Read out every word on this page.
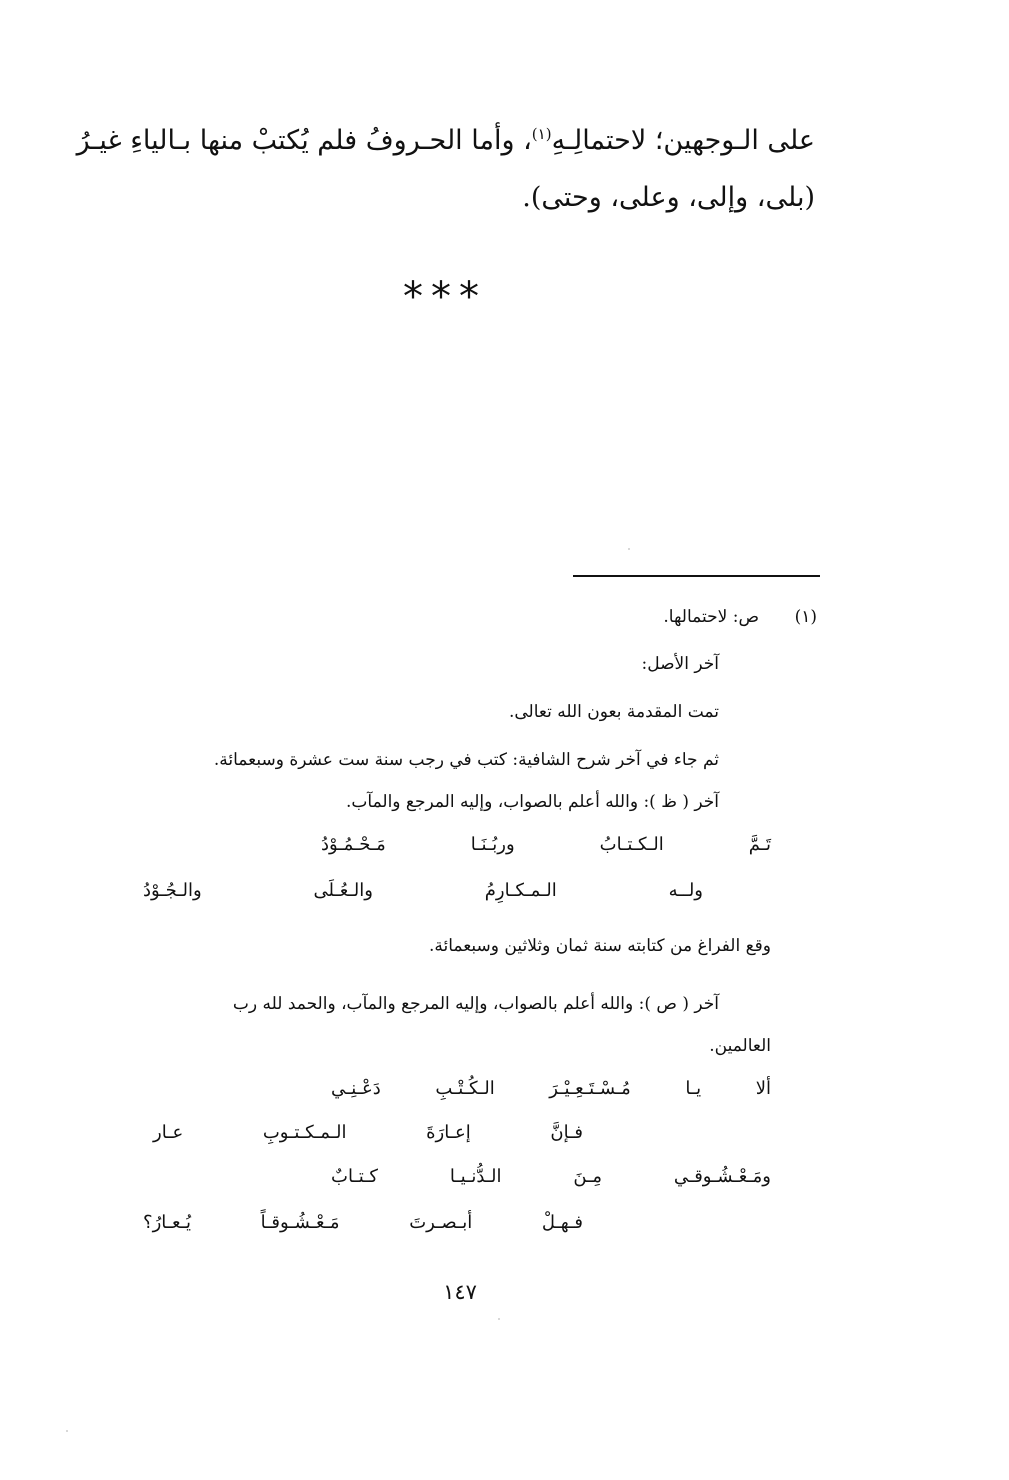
على الـوجهين؛ لاحتمالِـهِ$^{(١)}$، وأما الحـروفُ فلم يُكتبْ منها بـالياءِ غيـرُ
(بلى، وإلى، وعلى، وحتى).
***
(١)
ص: لاحتمالها.
آخر الأصل:
تمت المقدمة بعون الله تعالى.
ثم جاء في آخر شرح الشافية: كتب في رجب سنة ست عشرة وسبعمائة.
آخر ( ظ ): والله أعلم بالصواب، وإليه المرجع والمآب.
تَـمَّ
الـكـتـابُ
وربُـنَـا
مَـحْـمُـوْدُ
ولــه
الـمـكـارِمُ
والـعُـلَى
والـجُـوْدُ
وقع الفراغ من كتابته سنة ثمان وثلاثين وسبعمائة.
آخر ( ص ): والله أعلم بالصواب، وإليه المرجع والمآب، والحمد لله رب
العالمين.
ألا
يـا
مُـسْـتَـعِـيْـرَ
الـكُـتْـبِ
دَعْـنِـي
فـإنَّ
إعـارَةَ
الـمـكـتـوبِ
عـار
ومَـعْـشُـوقـي
مِـنَ
الـدُّنـيـا
كـتـابٌ
فـهـلْ
أبـصـرتَ
مَـعْـشُـوقـاً
يُـعـارُ؟
١٤٧
